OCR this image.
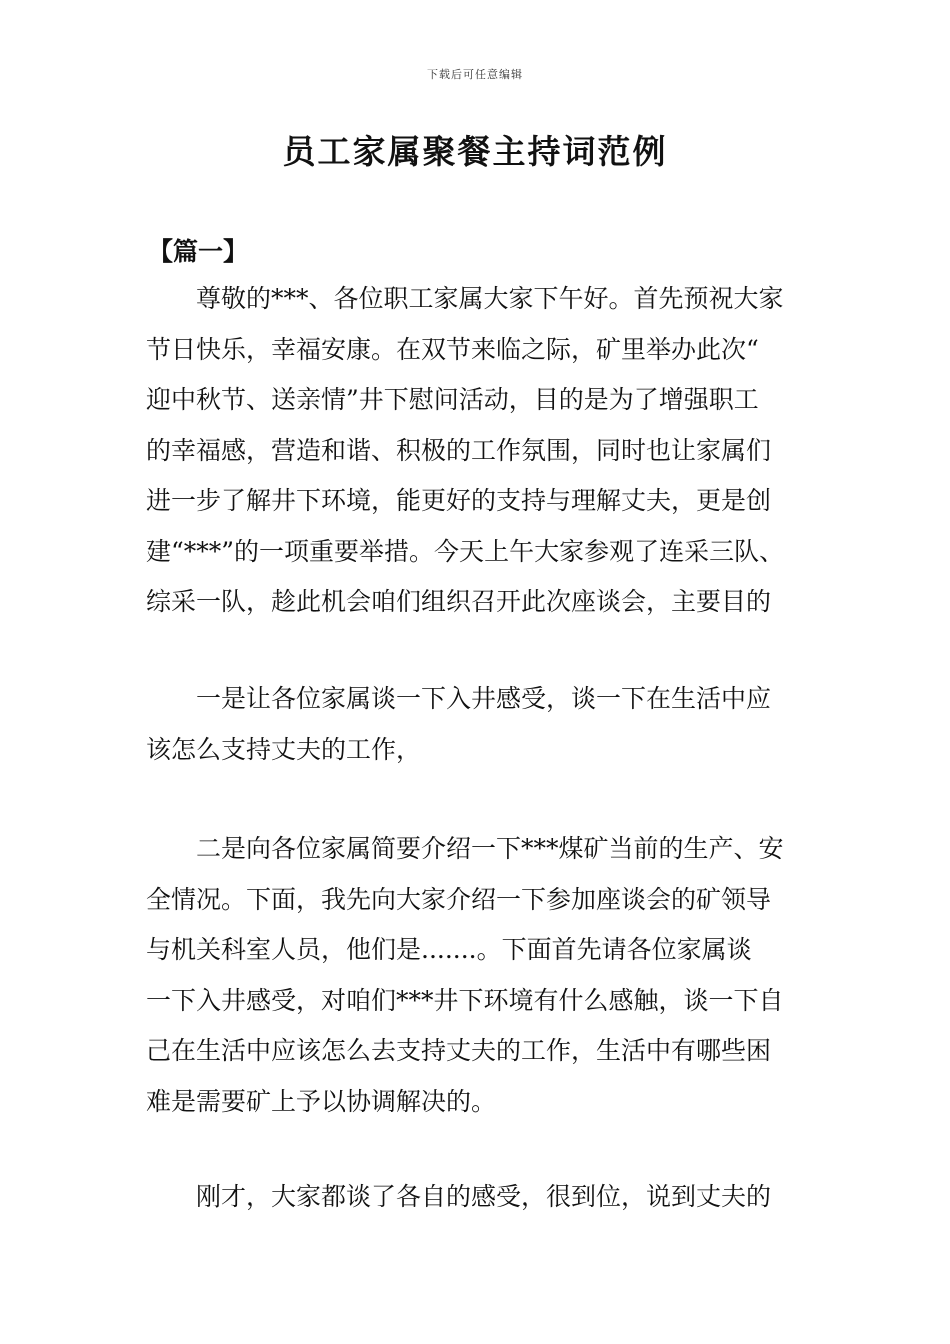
下载后可任意编辑
员工家属聚餐主持词范例
【篇一】

尊敬的***、各位职工家属大家下午好。首先预祝大家
节日快乐，幸福安康。在双节来临之际，矿里举办此次“
迎中秋节、送亲情”井下慰问活动，目的是为了增强职工
的幸福感，营造和谐、积极的工作氛围，同时也让家属们
进一步了解井下环境，能更好的支持与理解丈夫，更是创
建“***”的一项重要举措。今天上午大家参观了连采三队、
综采一队，趁此机会咱们组织召开此次座谈会，主要目的

一是让各位家属谈一下入井感受，谈一下在生活中应
该怎么支持丈夫的工作，

二是向各位家属简要介绍一下***煤矿当前的生产、安
全情况。下面，我先向大家介绍一下参加座谈会的矿领导
与机关科室人员，他们是.......。下面首先请各位家属谈
一下入井感受，对咱们***井下环境有什么感触，谈一下自
己在生活中应该怎么去支持丈夫的工作，生活中有哪些困
难是需要矿上予以协调解决的。

刚才，大家都谈了各自的感受，很到位，说到丈夫的
